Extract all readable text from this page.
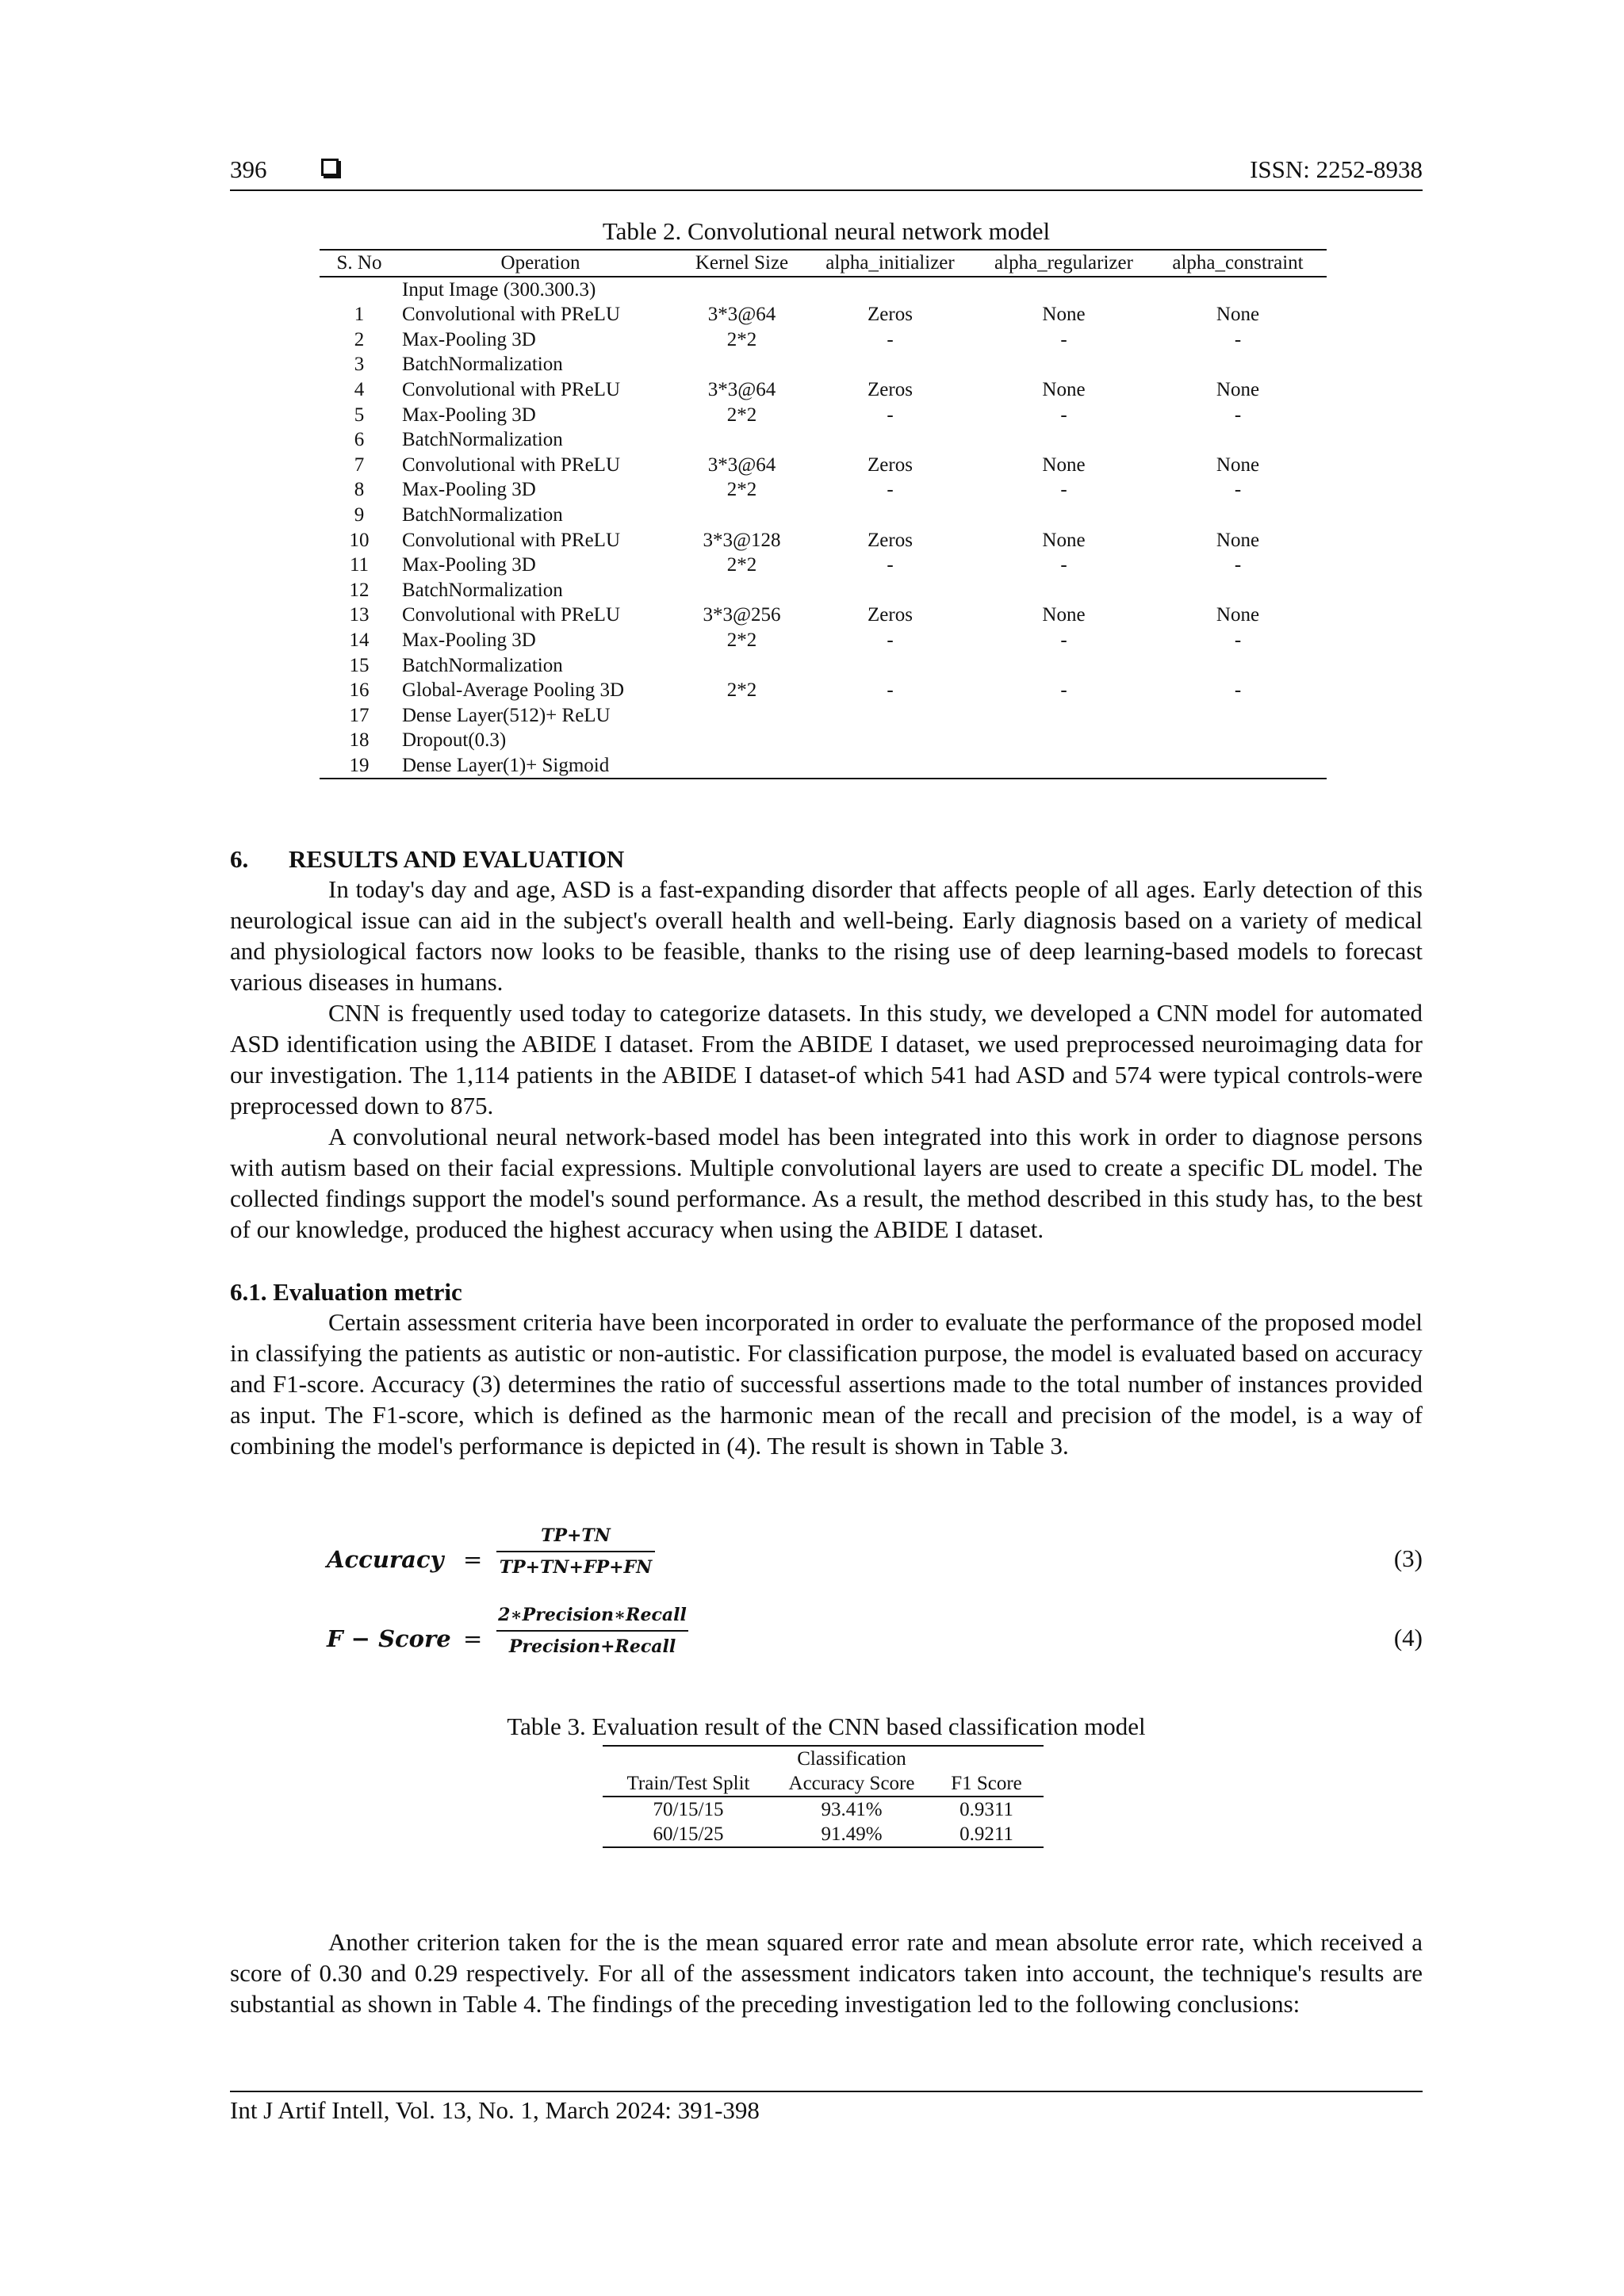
396	ISSN: 2252-8938
Table 2. Convolutional neural network model
S. No	Operation	Kernel Size	alpha_initializer	alpha_regularizer	alpha_constraint
	Input Image (300.300.3)				
1	Convolutional with PReLU	3*3@64	Zeros	None	None
2	Max-Pooling 3D	2*2	-	-	-
3	BatchNormalization				
4	Convolutional with PReLU	3*3@64	Zeros	None	None
5	Max-Pooling 3D	2*2	-	-	-
6	BatchNormalization				
7	Convolutional with PReLU	3*3@64	Zeros	None	None
8	Max-Pooling 3D	2*2	-	-	-
9	BatchNormalization				
10	Convolutional with PReLU	3*3@128	Zeros	None	None
11	Max-Pooling 3D	2*2	-	-	-
12	BatchNormalization				
13	Convolutional with PReLU	3*3@256	Zeros	None	None
14	Max-Pooling 3D	2*2	-	-	-
15	BatchNormalization				
16	Global-Average Pooling 3D	2*2	-	-	-
17	Dense Layer(512)+ ReLU				
18	Dropout(0.3)				
19	Dense Layer(1)+ Sigmoid				
6. RESULTS AND EVALUATION

In today's day and age, ASD is a fast-expanding disorder that affects people of all ages. Early detection of this neurological issue can aid in the subject's overall health and well-being. Early diagnosis based on a variety of medical and physiological factors now looks to be feasible, thanks to the rising use of deep learning-based models to forecast various diseases in humans.

CNN is frequently used today to categorize datasets. In this study, we developed a CNN model for automated ASD identification using the ABIDE I dataset. From the ABIDE I dataset, we used preprocessed neuroimaging data for our investigation. The 1,114 patients in the ABIDE I dataset-of which 541 had ASD and 574 were typical controls-were preprocessed down to 875.

A convolutional neural network-based model has been integrated into this work in order to diagnose persons with autism based on their facial expressions. Multiple convolutional layers are used to create a specific DL model. The collected findings support the model's sound performance. As a result, the method described in this study has, to the best of our knowledge, produced the highest accuracy when using the ABIDE I dataset.

6.1. Evaluation metric

Certain assessment criteria have been incorporated in order to evaluate the performance of the proposed model in classifying the patients as autistic or non-autistic. For classification purpose, the model is evaluated based on accuracy and F1-score. Accuracy (3) determines the ratio of successful assertions made to the total number of instances provided as input. The F1-score, which is defined as the harmonic mean of the recall and precision of the model, is a way of combining the model's performance is depicted in (4). The result is shown in Table 3.

Accuracy =
TP+TN
TP+TN+FP+FN	(3)
F − Score =
2∗Precision∗Recall
Precision+Recall	(4)
Table 3. Evaluation result of the CNN based classification model
	Classification	
Train/Test Split	Accuracy Score	F1 Score
70/15/15	93.41%	0.9311
60/15/25	91.49%	0.9211

Another criterion taken for the is the mean squared error rate and mean absolute error rate, which received a score of 0.30 and 0.29 respectively. For all of the assessment indicators taken into account, the technique's results are substantial as shown in Table 4. The findings of the preceding investigation led to the following conclusions:

Int J Artif Intell, Vol. 13, No. 1, March 2024: 391-398
